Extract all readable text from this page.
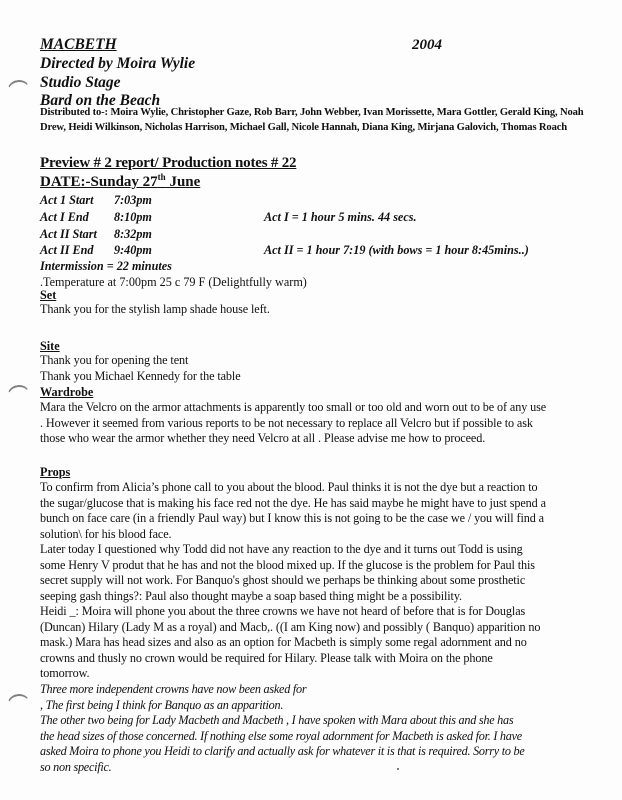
MACBETH	2004
Directed by Moira Wylie
Studio Stage
Bard on the Beach
Distributed to-: Moira Wylie, Christopher Gaze, Rob Barr, John Webber, Ivan Morissette, Mara Gottler, Gerald King, Noah Drew, Heidi Wilkinson, Nicholas Harrison, Michael Gall, Nicole Hannah, Diana King, Mirjana Galovich, Thomas Roach
Preview # 2 report/ Production notes # 22
DATE:-Sunday 27th June
Act 1 Start 7:03pm
Act I End 8:10pm	Act I = 1 hour 5 mins. 44 secs.
Act II Start 8:32pm
Act II End 9:40pm	Act II = 1 hour 7:19 (with bows = 1 hour 8:45mins..)
Intermission = 22 minutes
.Temperature at 7:00pm 25 c 79 F (Delightfully warm)
Set
Thank you for the stylish lamp shade house left.
Site
Thank you for opening the tent
Thank you Michael Kennedy for the table
Wardrobe
Mara the Velcro on the armor attachments is apparently too small or too old and worn out to be of any use
. However it seemed from various reports to be not necessary to replace all Velcro but if possible to ask
those who wear the armor whether they need Velcro at all . Please advise me how to proceed.
Props
To confirm from Alicia’s phone call to you about the blood. Paul thinks it is not the dye but a reaction to
the sugar/glucose that is making his face red not the dye. He has said maybe he might have to just spend a
bunch on face care (in a friendly Paul way) but I know this is not going to be the case we / you will find a
solution\ for his blood face.
Later today I questioned why Todd did not have any reaction to the dye and it turns out Todd is using
some Henry V produt that he has and not the blood mixed up. If the glucose is the problem for Paul this
secret supply will not work. For Banquo's ghost should we perhaps be thinking about some prosthetic
seeping gash things?: Paul also thought maybe a soap based thing might be a possibility.
Heidi _: Moira will phone you about the three crowns we have not heard of before that is for Douglas
(Duncan) Hilary (Lady M as a royal) and Macb,. ((I am King now) and possibly ( Banquo) apparition no
mask.) Mara has head sizes and also as an option for Macbeth is simply some regal adornment and no
crowns and thusly no crown would be required for Hilary. Please talk with Moira on the phone
tomorrow.
Three more independent crowns have now been asked for
, The first being I think for Banquo as an apparition.
The other two being for Lady Macbeth and Macbeth , I have spoken with Mara about this and she has
the head sizes of those concerned. If nothing else some royal adornment for Macbeth is asked for. I have
asked Moira to phone you Heidi to clarify and actually ask for whatever it is that is required. Sorry to be
so non specific.
